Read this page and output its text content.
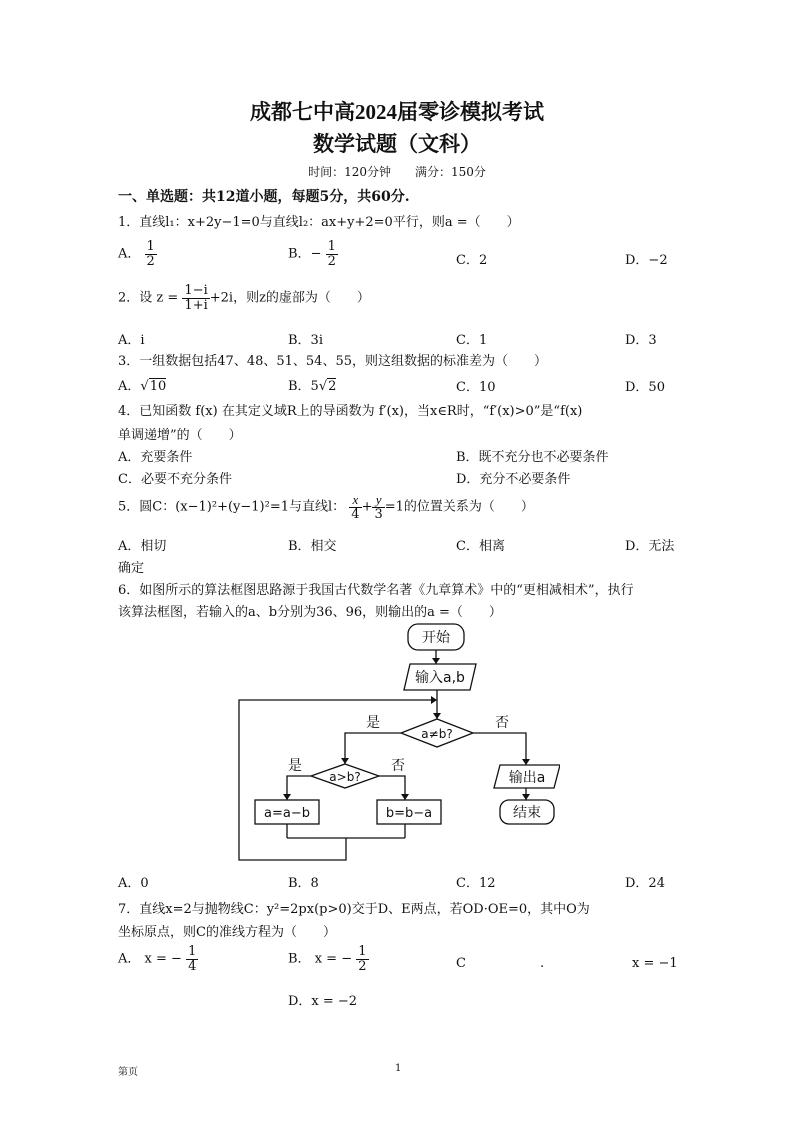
成都七中高2024届零诊模拟考试
数学试题（文科）
时间：120分钟　　满分：150分
一、单选题：共12道小题，每题5分，共60分.
1．直线l₁：x+2y−1=0与直线l₂：ax+y+2=0平行，则a =（　　）
A． $\frac{1}{2}$	B．− $\frac{1}{2}$	C．2	D．−2
2．设 $z = \frac{1-i}{1+i} +2i$，则z的虚部为（　　）
A．i	B．3i	C．1	D．3
3．一组数据包括47、48、51、54、55，则这组数据的标准差为（　　）
A．√10	B．5√2	C．10	D．50
4．已知函数 f(x) 在其定义域R上的导函数为 f′(x)，当x∈R时，“f′(x)>0”是“f(x)
单调递增”的（　　）
A．充要条件	B．既不充分也不必要条件
C．必要不充分条件	D．充分不必要条件
5．圆C：(x−1)²+(y−1)²=1与直线l： $\frac{x}{4} + \frac{y}{3} =1$的位置关系为（　　）
A．相切	B．相交	C．相离	D．无法
确定
6．如图所示的算法框图思路源于我国古代数学名著《九章算术》中的“更相减相术”，执行
该算法框图，若输入的a、b分别为36、96，则输出的a =（　　）
开始
输入a,b
a≠b?
是	否
输出a
结束
a>b?
是	否
a=a−b	b=b−a
A．0	B．8	C．12	D．24
7．直线x=2与抛物线C：y²=2px(p>0)交于D、E两点，若OD·OE=0，其中O为
坐标原点，则C的准线方程为（　　）
A． x = − $\frac{1}{4}$	B． x = − $\frac{1}{2}$	C	.	x = −1
D．x = −2
第页	1
